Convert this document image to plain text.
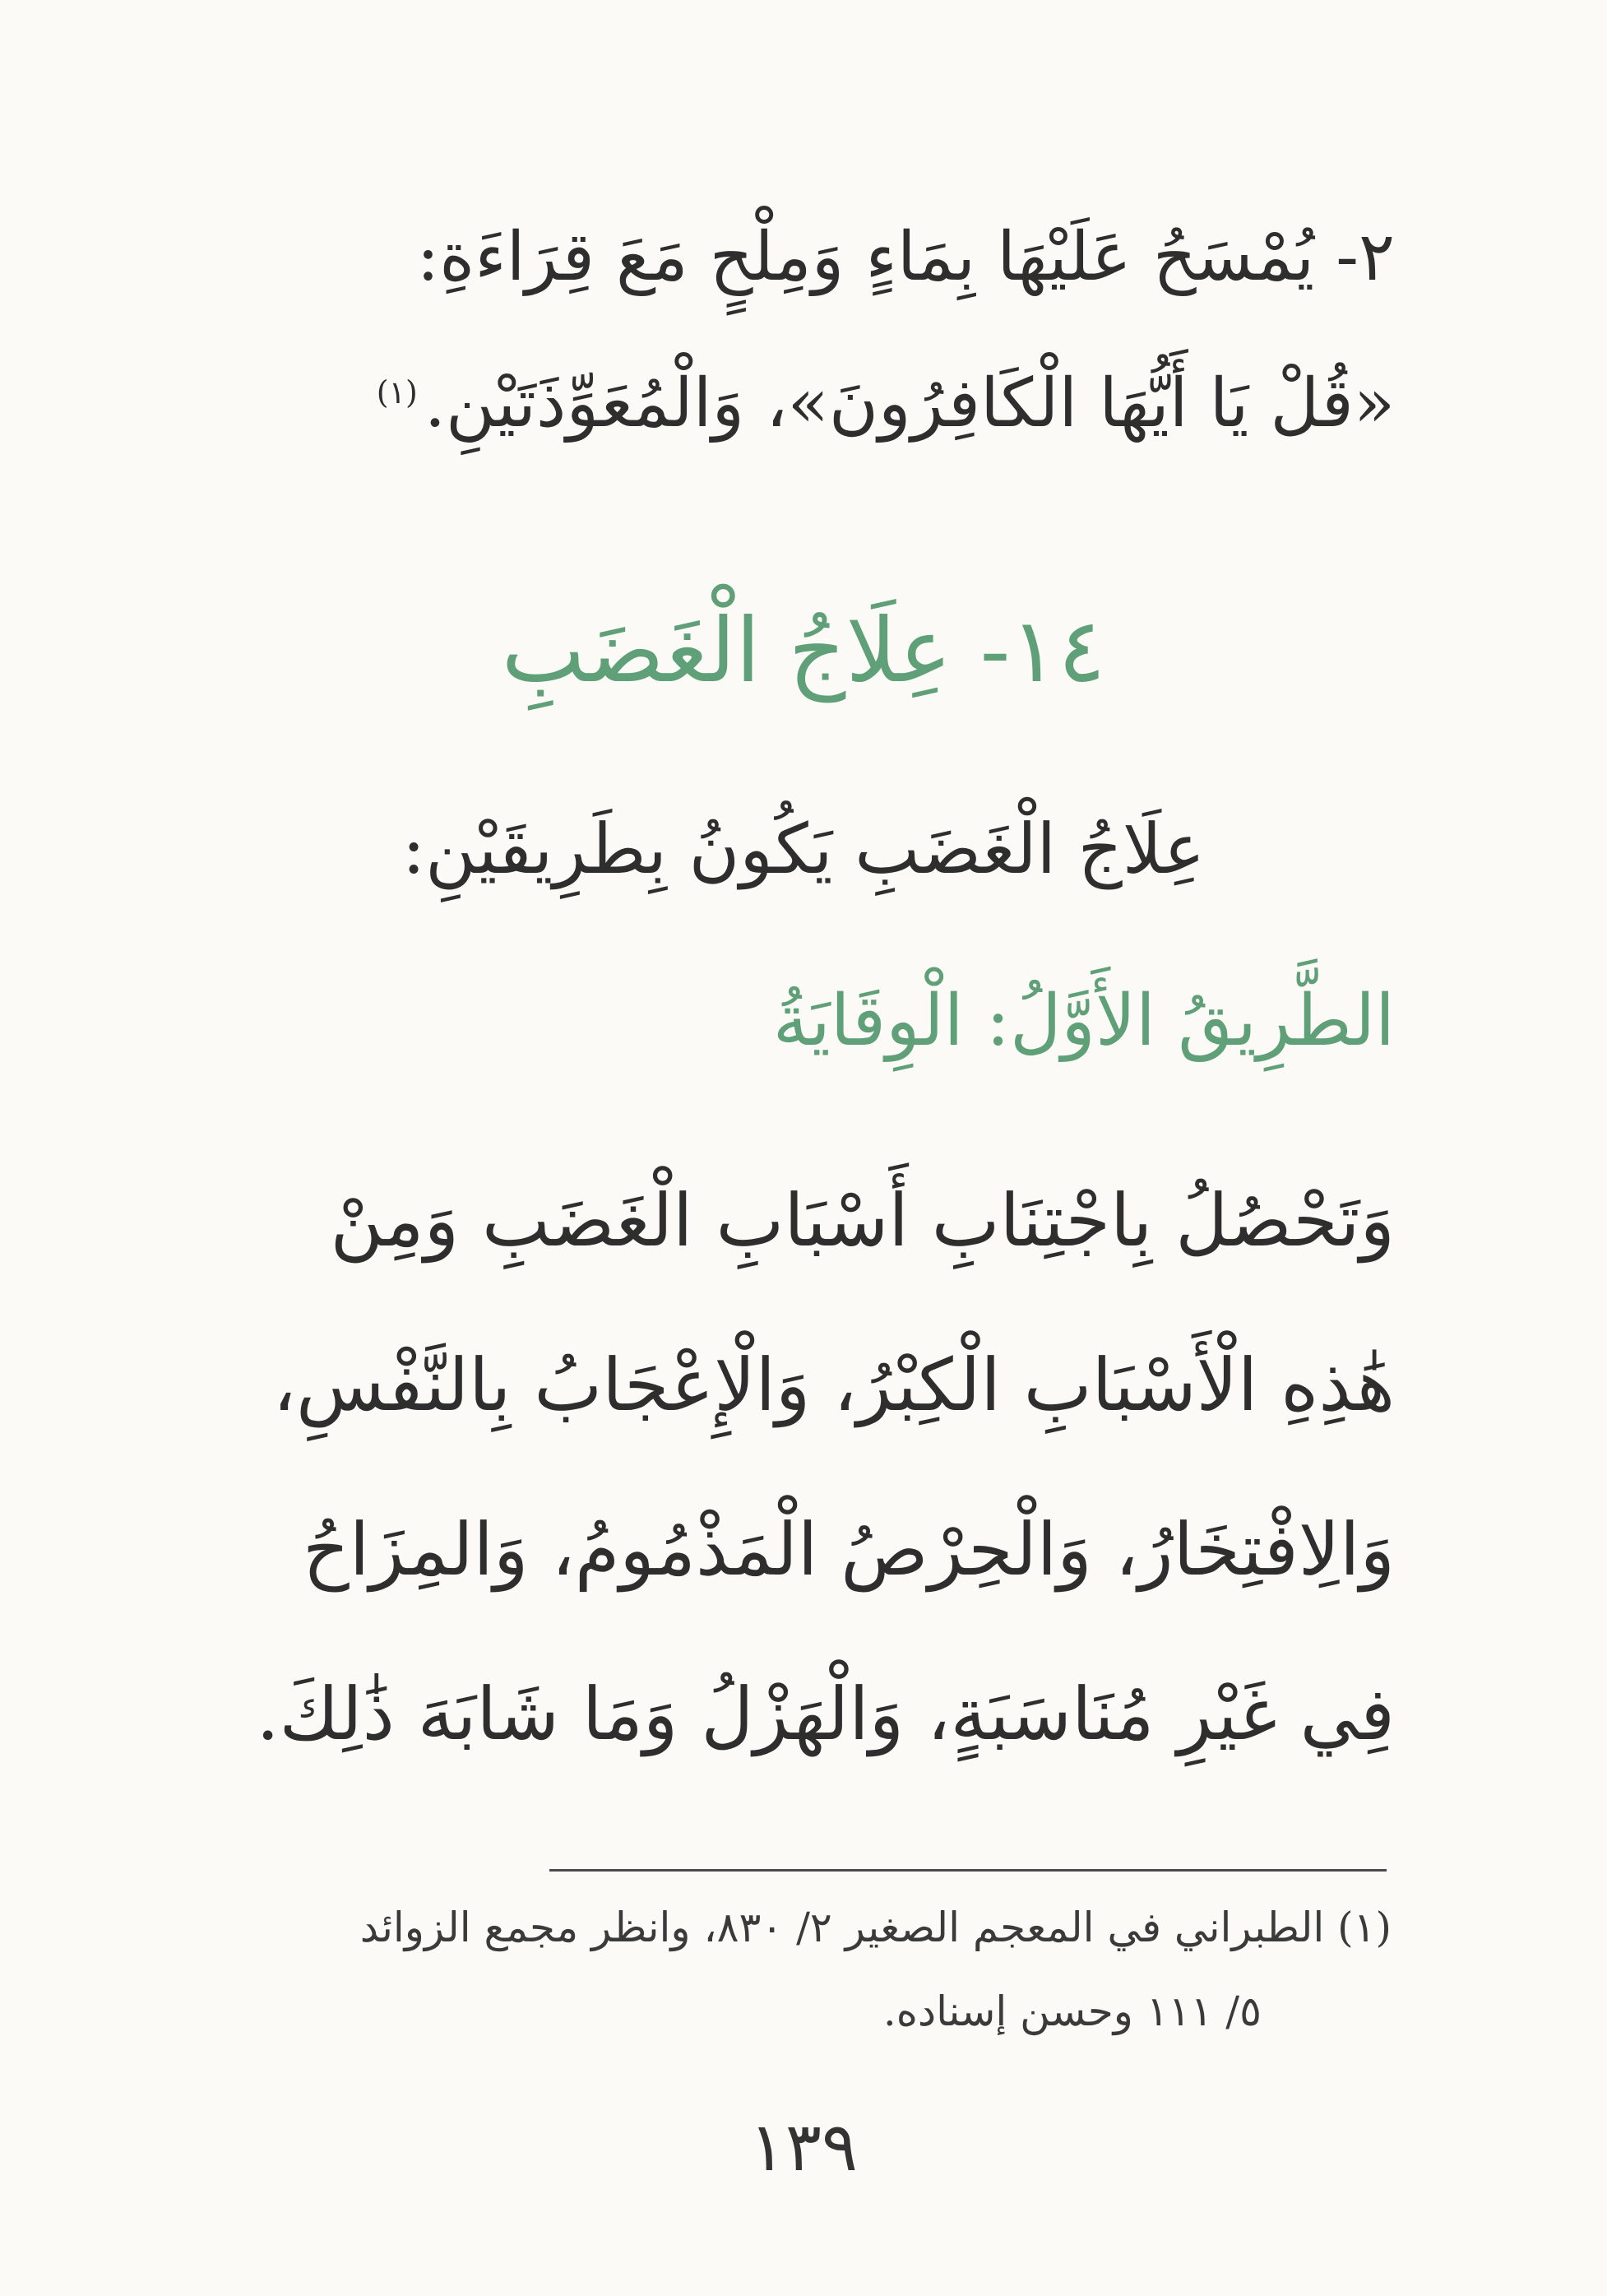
٢- يُمْسَحُ عَلَيْهَا بِمَاءٍ وَمِلْحٍ مَعَ قِرَاءَةِ:
«قُلْ يَا أَيُّهَا الْكَافِرُونَ»، وَالْمُعَوِّذَتَيْنِ.$^{(١)}$
١٤- عِلَاجُ الْغَضَبِ
عِلَاجُ الْغَضَبِ يَكُونُ بِطَرِيقَيْنِ:
الطَّرِيقُ الأَوَّلُ: الْوِقَايَةُ
وَتَحْصُلُ بِاجْتِنَابِ أَسْبَابِ الْغَضَبِ وَمِنْ
هَٰذِهِ الْأَسْبَابِ الْكِبْرُ، وَالْإِعْجَابُ بِالنَّفْسِ،
وَالِافْتِخَارُ، وَالْحِرْصُ الْمَذْمُومُ، وَالمِزَاحُ
فِي غَيْرِ مُنَاسَبَةٍ، وَالْهَزْلُ وَمَا شَابَهَ ذَٰلِكَ.
(١) الطبراني في المعجم الصغير ٢/ ٨٣٠، وانظر مجمع الزوائد
٥/ ١١١ وحسن إسناده.
١٣٩
